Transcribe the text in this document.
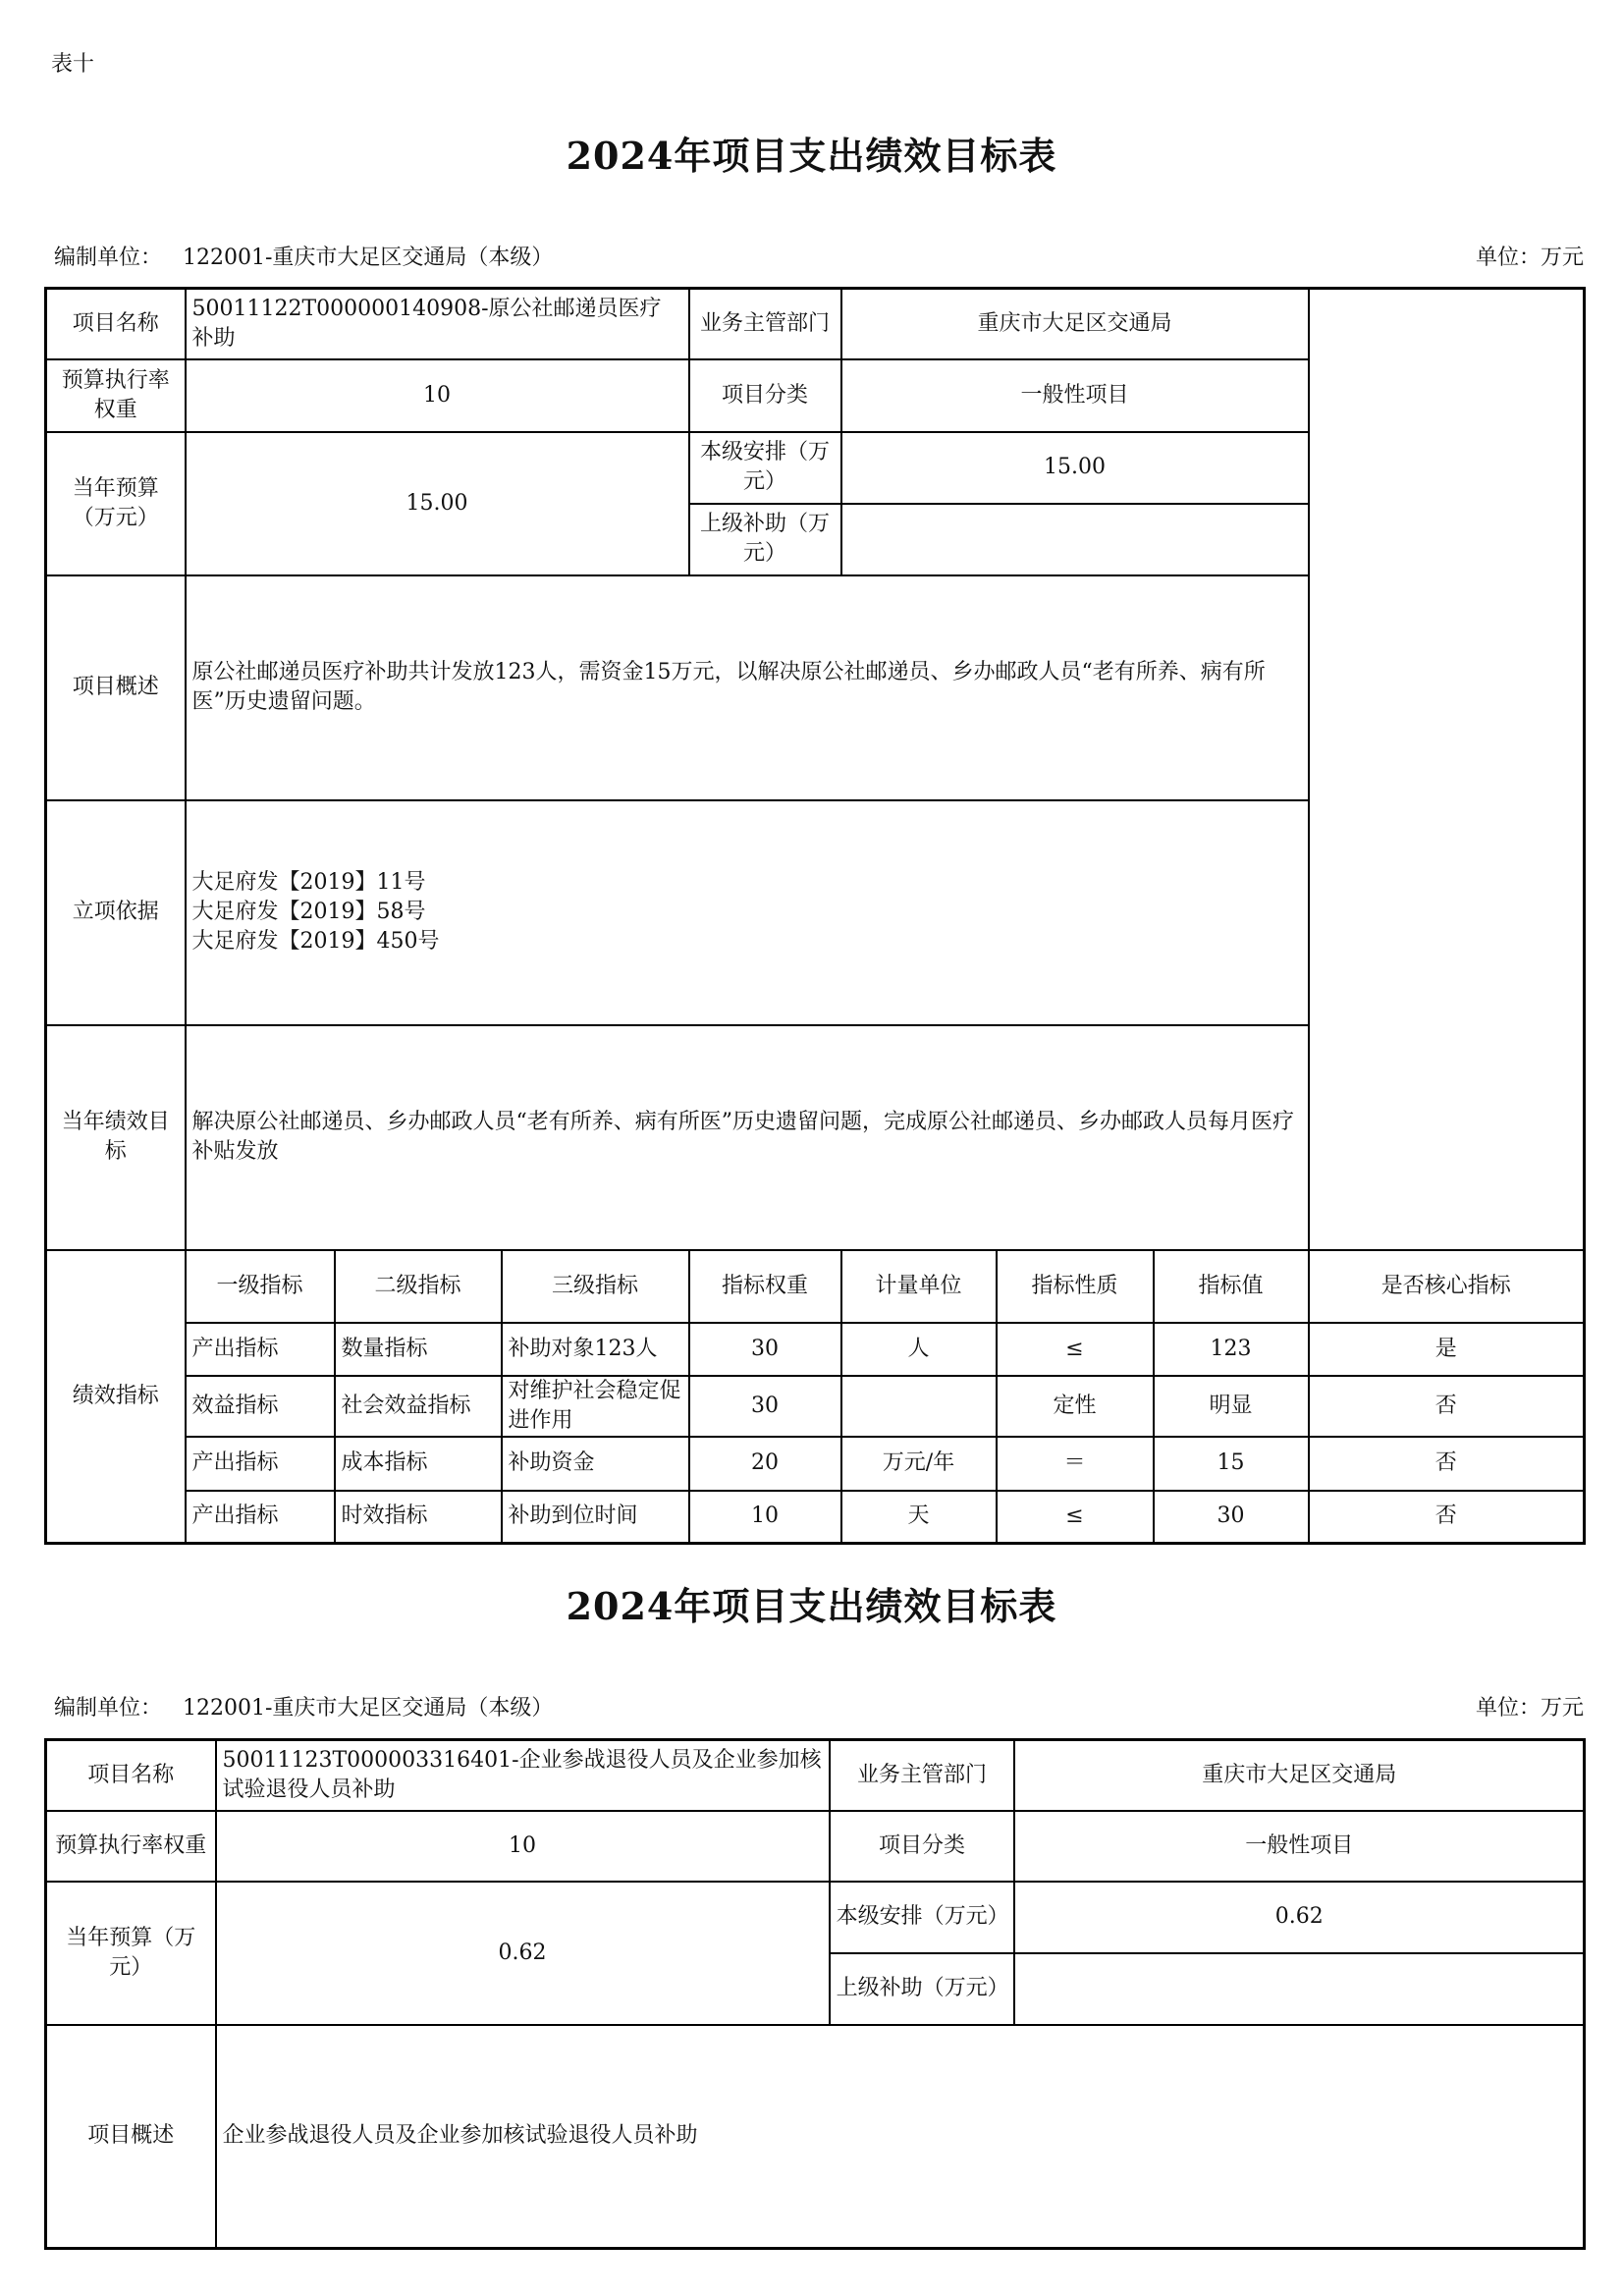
表十
2024年项目支出绩效目标表
编制单位： 122001-重庆市大足区交通局（本级）	单位：万元
项目名称	50011122T000000140908-原公社邮递员医疗补助			业务主管部门	重庆市大足区交通局			
预算执行率权重	10			项目分类	一般性项目			
当年预算（万元）	15.00			本级安排（万元）	15.00			
				上级补助（万元）				
项目概述	原公社邮递员医疗补助共计发放123人，需资金15万元，以解决原公社邮递员、乡办邮政人员“老有所养、病有所医”历史遗留问题。							
立项依据	大足府发【2019】11号
大足府发【2019】58号
大足府发【2019】450号							

当年绩效目标	解决原公社邮递员、乡办邮政人员“老有所养、病有所医”历史遗留问题，完成原公社邮递员、乡办邮政人员每月医疗补贴发放							
绩效指标	一级指标	二级指标	三级指标	指标权重	计量单位	指标性质	指标值	是否核心指标
	产出指标	数量指标	补助对象123人	30	人	≤	123	是
	效益指标	社会效益指标	对维护社会稳定促进作用	30		定性	明显	否
	产出指标	成本指标	补助资金	20	万元/年	＝	15	否
	产出指标	时效指标	补助到位时间	10	天	≤	30	否
2024年项目支出绩效目标表
编制单位： 122001-重庆市大足区交通局（本级）	单位：万元
项目名称	50011123T000003316401-企业参战退役人员及企业参加核试验退役人员补助	业务主管部门	重庆市大足区交通局
预算执行率权重	10	项目分类	一般性项目
当年预算（万元）	0.62	本级安排（万元）	0.62
		上级补助（万元）	
项目概述	企业参战退役人员及企业参加核试验退役人员补助		
